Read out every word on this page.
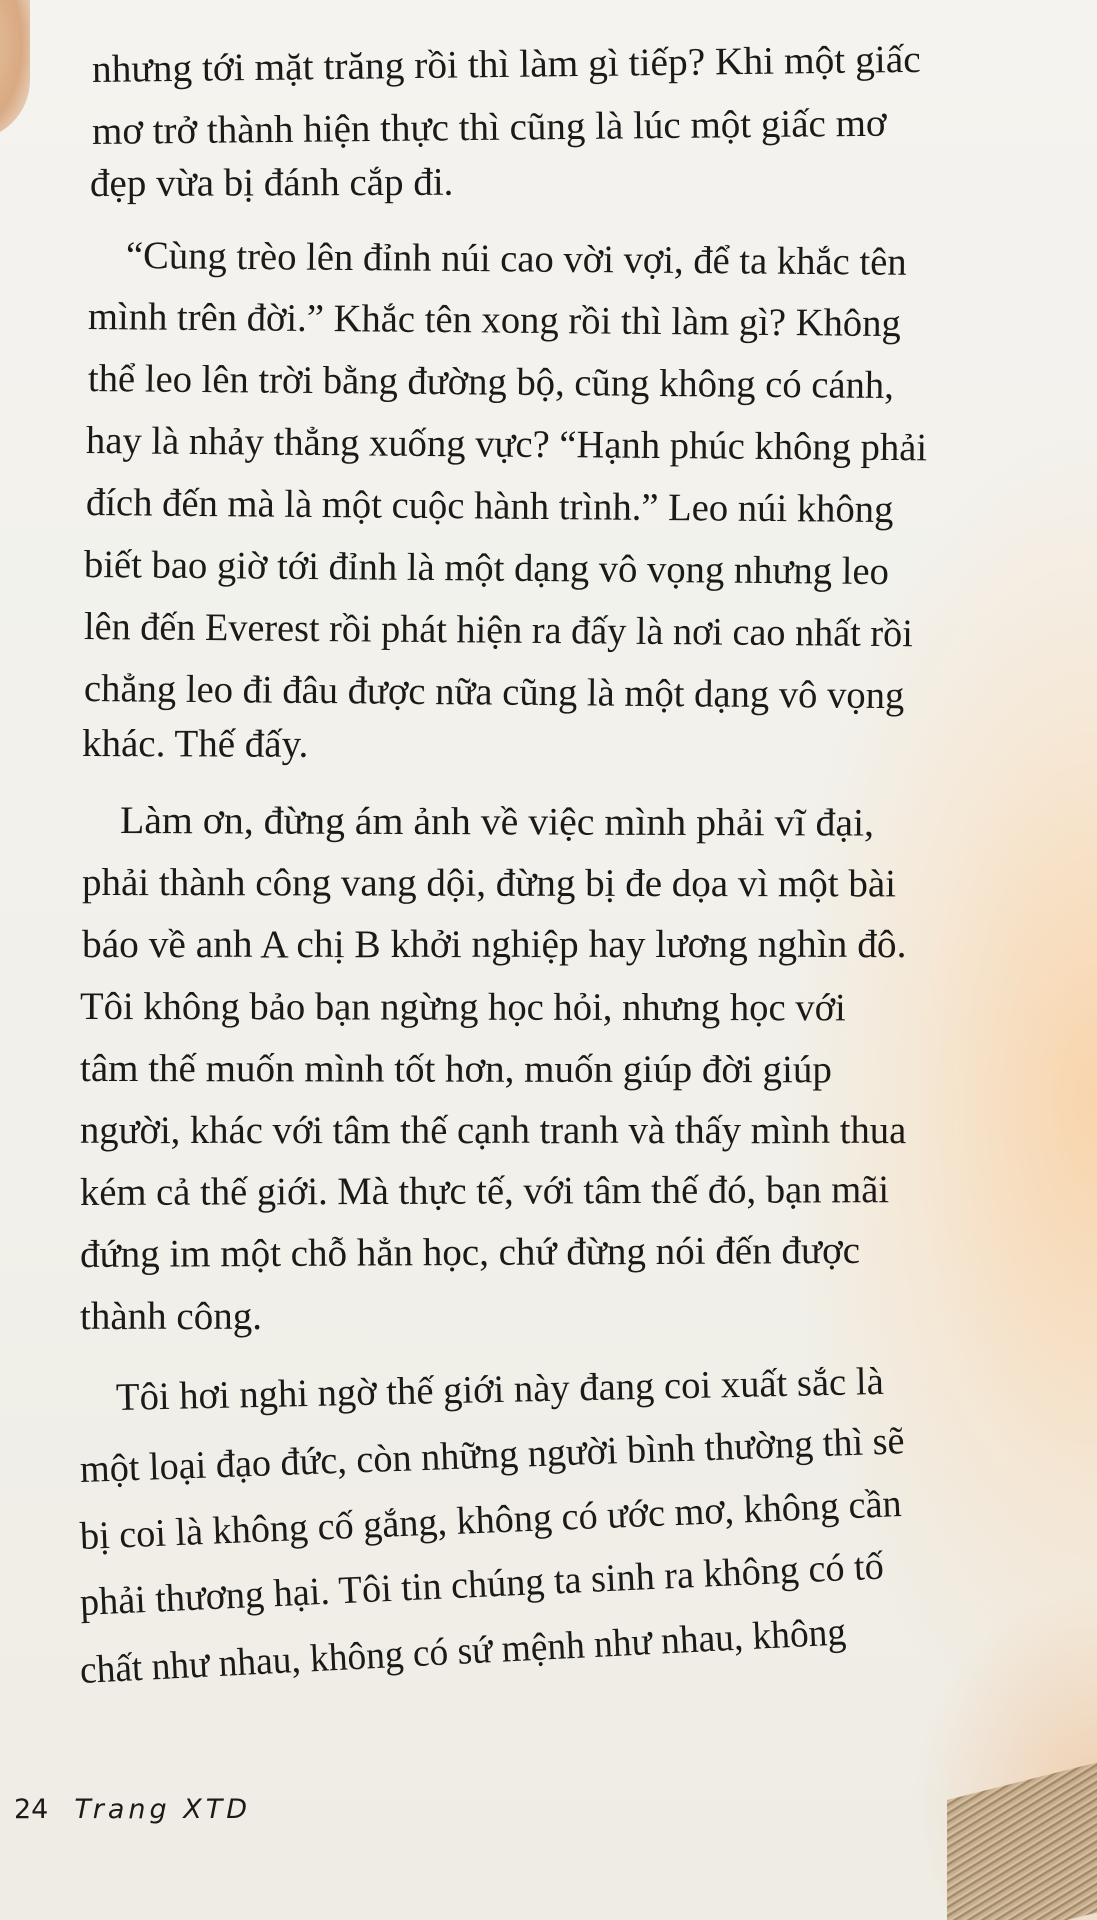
nhưng tới mặt trăng rồi thì làm gì tiếp? Khi một giấc
mơ trở thành hiện thực thì cũng là lúc một giấc mơ
đẹp vừa bị đánh cắp đi.
“Cùng trèo lên đỉnh núi cao vời vợi, để ta khắc tên
mình trên đời.” Khắc tên xong rồi thì làm gì? Không
thể leo lên trời bằng đường bộ, cũng không có cánh,
hay là nhảy thẳng xuống vực? “Hạnh phúc không phải
đích đến mà là một cuộc hành trình.” Leo núi không
biết bao giờ tới đỉnh là một dạng vô vọng nhưng leo
lên đến Everest rồi phát hiện ra đấy là nơi cao nhất rồi
chẳng leo đi đâu được nữa cũng là một dạng vô vọng
khác. Thế đấy.
Làm ơn, đừng ám ảnh về việc mình phải vĩ đại,
phải thành công vang dội, đừng bị đe dọa vì một bài
báo về anh A chị B khởi nghiệp hay lương nghìn đô.
Tôi không bảo bạn ngừng học hỏi, nhưng học với
tâm thế muốn mình tốt hơn, muốn giúp đời giúp
người, khác với tâm thế cạnh tranh và thấy mình thua
kém cả thế giới. Mà thực tế, với tâm thế đó, bạn mãi
đứng im một chỗ hẳn học, chứ đừng nói đến được
thành công.
Tôi hơi nghi ngờ thế giới này đang coi xuất sắc là
một loại đạo đức, còn những người bình thường thì sẽ
bị coi là không cố gắng, không có ước mơ, không cần
phải thương hại. Tôi tin chúng ta sinh ra không có tố
chất như nhau, không có sứ mệnh như nhau, không
24 Trang XTD
